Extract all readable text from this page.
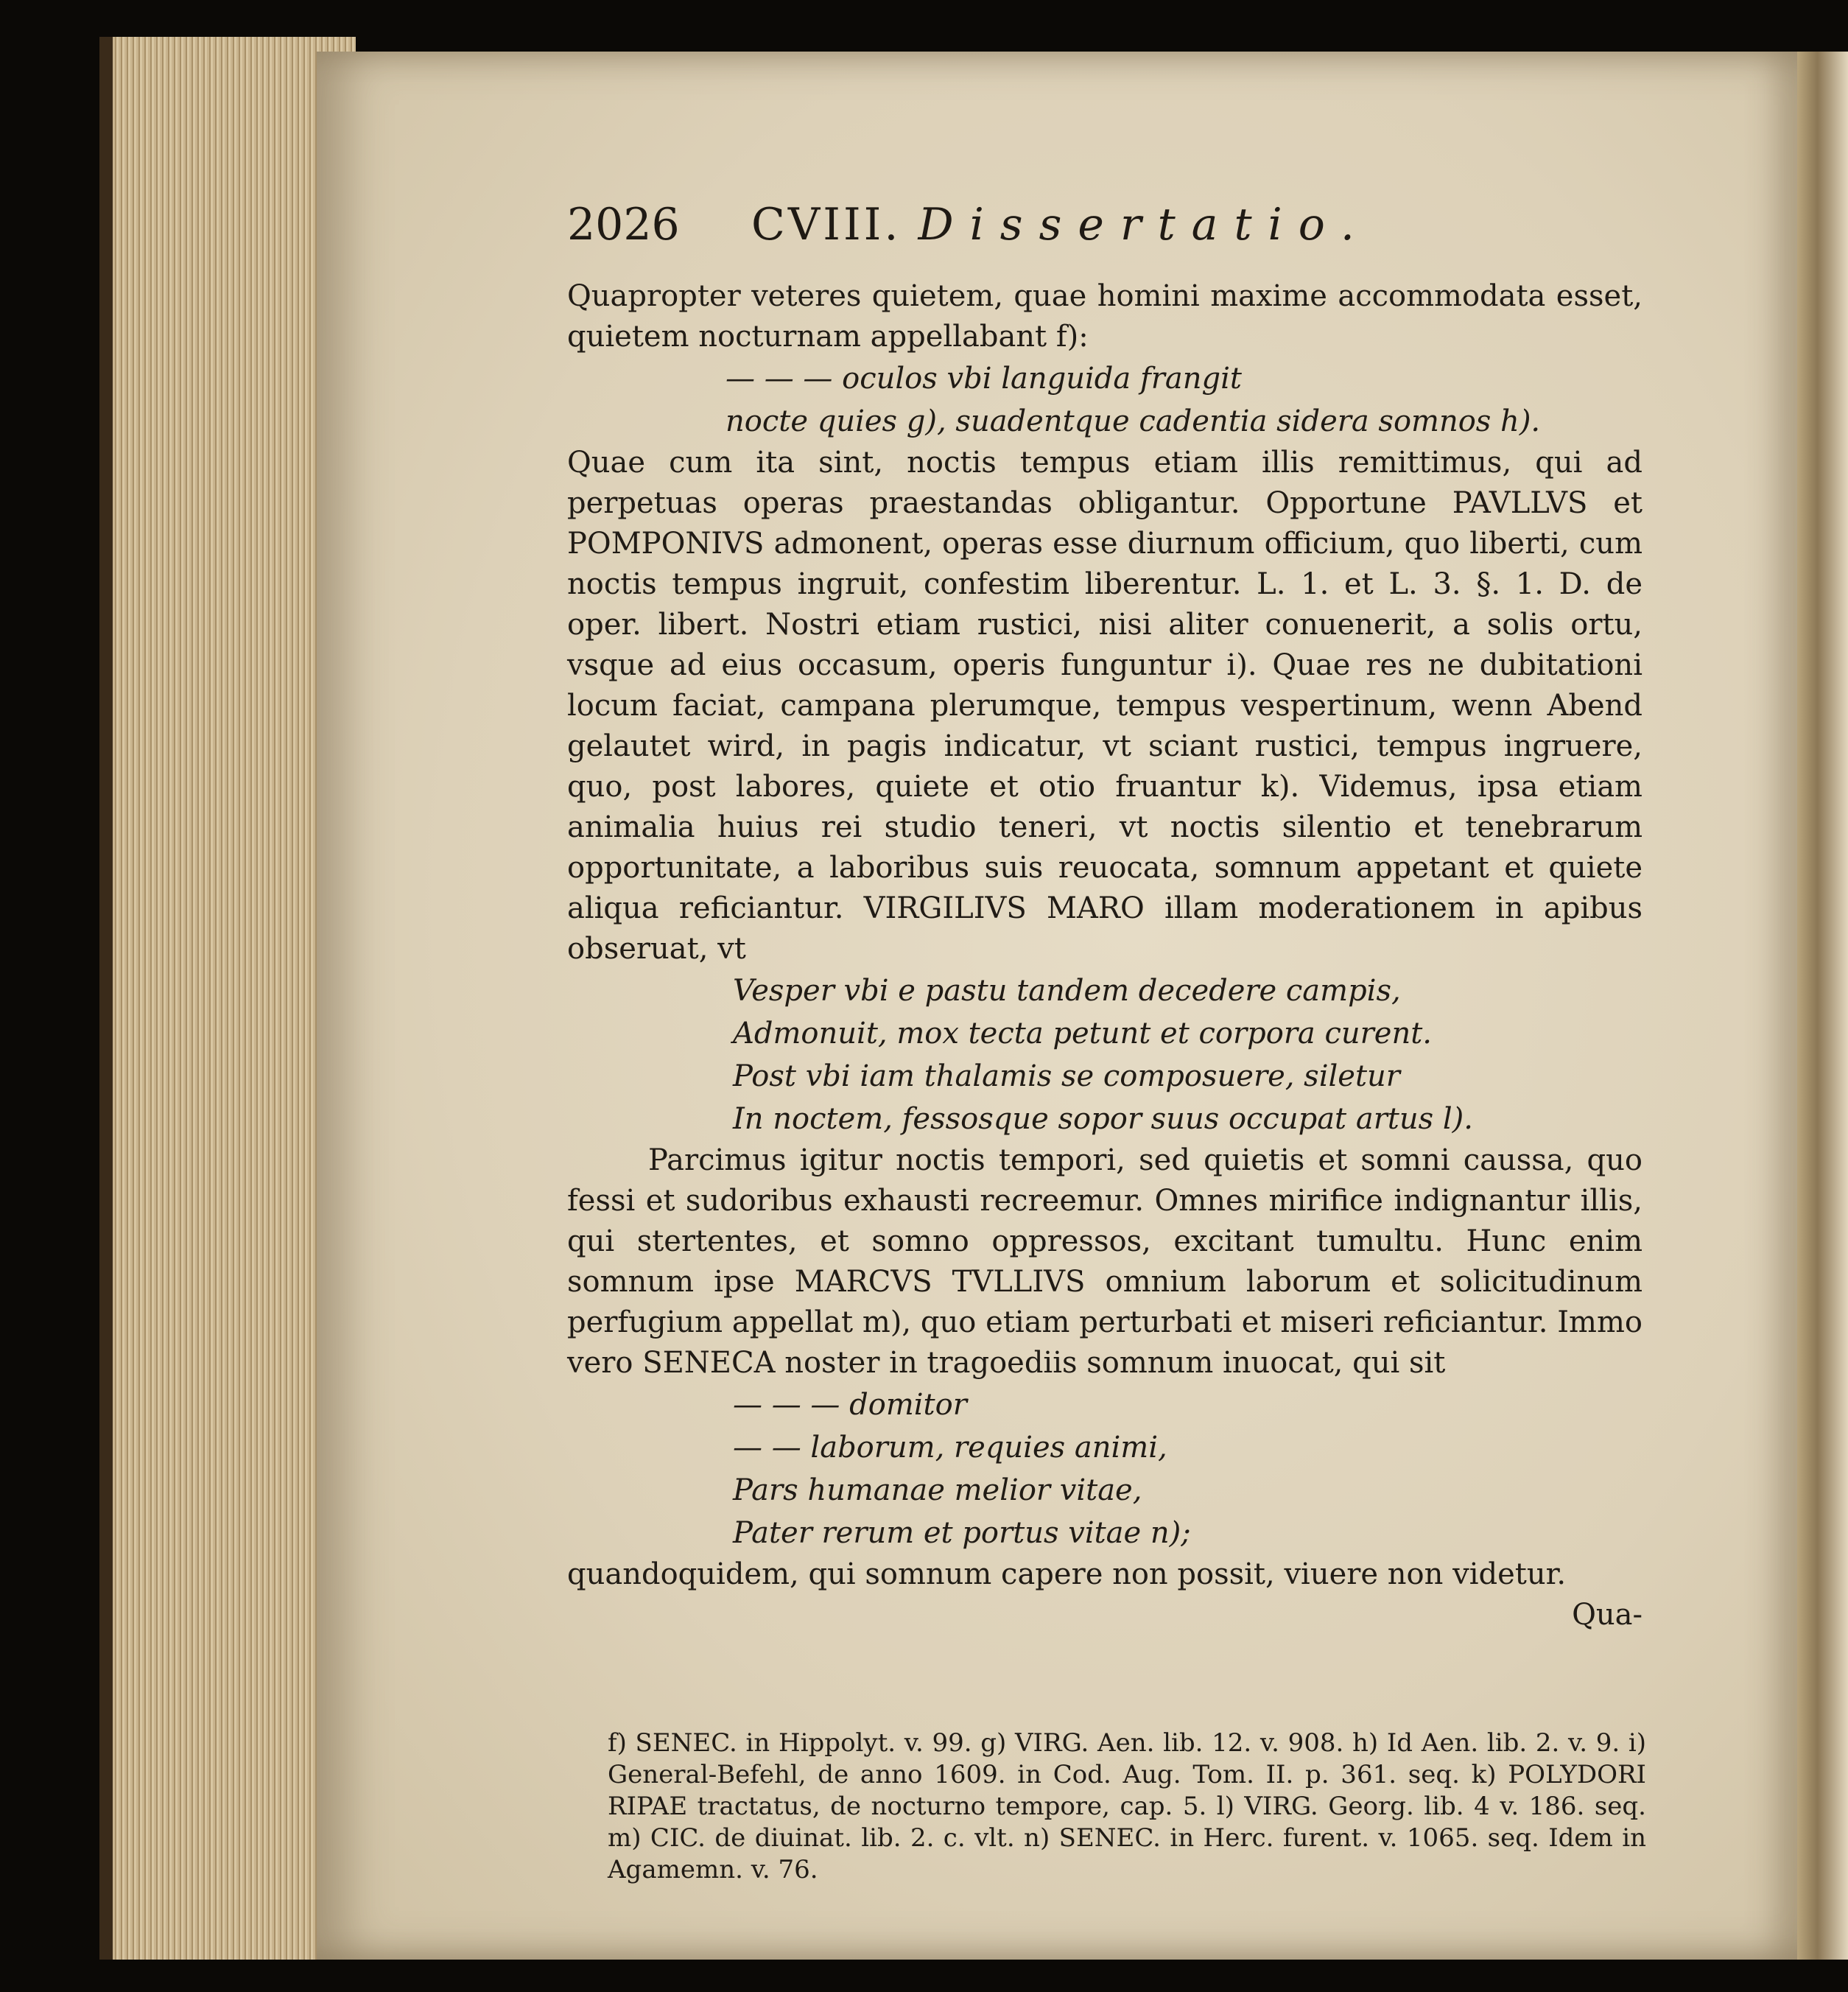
2026 CVIII. Dissertatio.

Quapropter veteres quietem, quae homini maxime accommodata esset, quietem nocturnam appellabant f):

— — — oculos vbi languida frangit
nocte quies g), suadentque cadentia sidera somnos h).

Quae cum ita sint, noctis tempus etiam illis remittimus, qui ad perpetuas operas praestandas obligantur. Opportune PAVLLVS et POMPONIVS admonent, operas esse diurnum officium, quo liberti, cum noctis tempus ingruit, confestim liberentur. L. 1. et L. 3. §. 1. D. de oper. libert. Nostri etiam rustici, nisi aliter conuenerit, a solis ortu, vsque ad eius occasum, operis funguntur i). Quae res ne dubitationi locum faciat, campana plerumque, tempus vespertinum, wenn Abend gelautet wird, in pagis indicatur, vt sciant rustici, tempus ingruere, quo, post labores, quiete et otio fruantur k). Videmus, ipsa etiam animalia huius rei studio teneri, vt noctis silentio et tenebrarum opportunitate, a laboribus suis reuocata, somnum appetant et quiete aliqua reficiantur. VIRGILIVS MARO illam moderationem in apibus obseruat, vt

Vesper vbi e pastu tandem decedere campis,
Admonuit, mox tecta petunt et corpora curent.
Post vbi iam thalamis se composuere, siletur
In noctem, fessosque sopor suus occupat artus l).

Parcimus igitur noctis tempori, sed quietis et somni caussa, quo fessi et sudoribus exhausti recreemur. Omnes mirifice indignantur illis, qui stertentes, et somno oppressos, excitant tumultu. Hunc enim somnum ipse MARCVS TVLLIVS omnium laborum et solicitudinum perfugium appellat m), quo etiam perturbati et miseri reficiantur. Immo vero SENECA noster in tragoediis somnum inuocat, qui sit

— — — domitor
— — laborum, requies animi,
Pars humanae melior vitae,
Pater rerum et portus vitae n);

quandoquidem, qui somnum capere non possit, viuere non videtur.

Qua-

f) SENEC. in Hippolyt. v. 99. g) VIRG. Aen. lib. 12. v. 908. h) Id Aen. lib. 2. v. 9. i) General-Befehl, de anno 1609. in Cod. Aug. Tom. II. p. 361. seq. k) POLYDORI RIPAE tractatus, de nocturno tempore, cap. 5. l) VIRG. Georg. lib. 4 v. 186. seq. m) CIC. de diuinat. lib. 2. c. vlt. n) SENEC. in Herc. furent. v. 1065. seq. Idem in Agamemn. v. 76.
